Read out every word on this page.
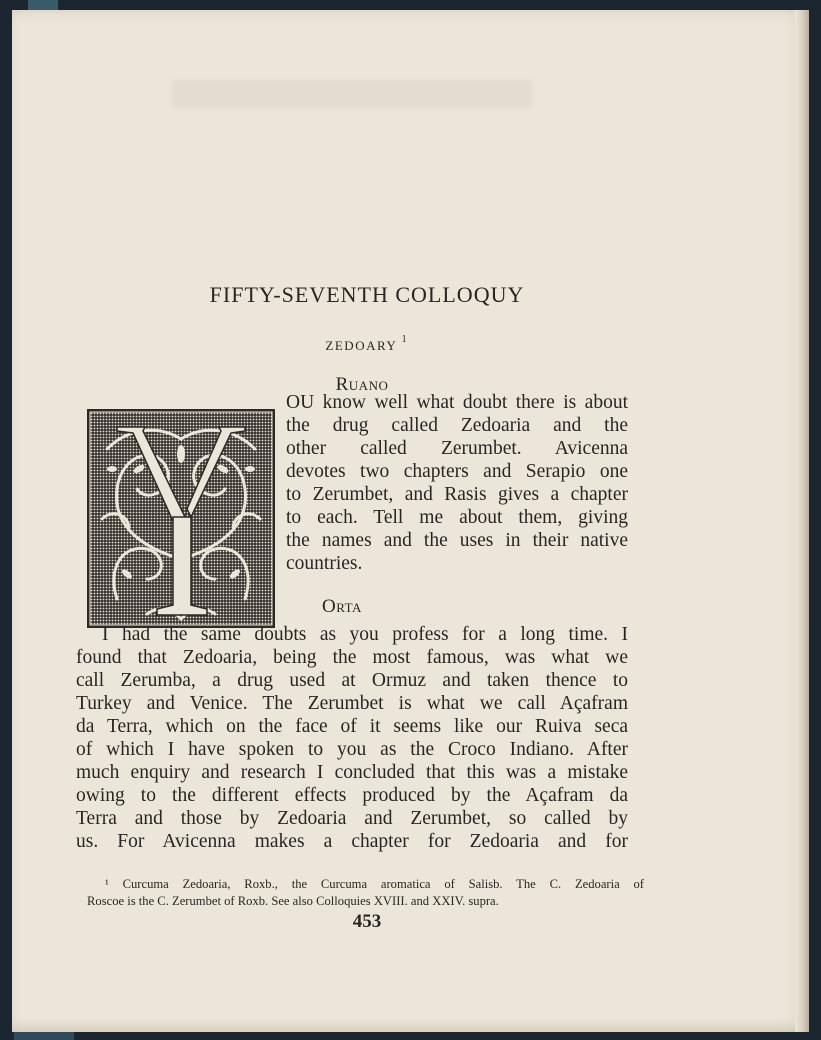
FIFTY-SEVENTH COLLOQUY
ZEDOARY $^1$
Ruano
OU know well what doubt there is about
the drug called Zedoaria and the
other called Zerumbet. Avicenna
devotes two chapters and Serapio one
to Zerumbet, and Rasis gives a chapter
to each. Tell me about them, giving
the names and the uses in their native
countries.
Orta
I had the same doubts as you profess for a long time. I
found that Zedoaria, being the most famous, was what we
call Zerumba, a drug used at Ormuz and taken thence to
Turkey and Venice. The Zerumbet is what we call Açafram
da Terra, which on the face of it seems like our Ruiva seca
of which I have spoken to you as the Croco Indiano. After
much enquiry and research I concluded that this was a mistake
owing to the different effects produced by the Açafram da
Terra and those by Zedoaria and Zerumbet, so called by
us. For Avicenna makes a chapter for Zedoaria and for
¹ Curcuma Zedoaria, Roxb., the Curcuma aromatica of Salisb. The C. Zedoaria of
Roscoe is the C. Zerumbet of Roxb. See also Colloquies XVIII. and XXIV. supra.
453
